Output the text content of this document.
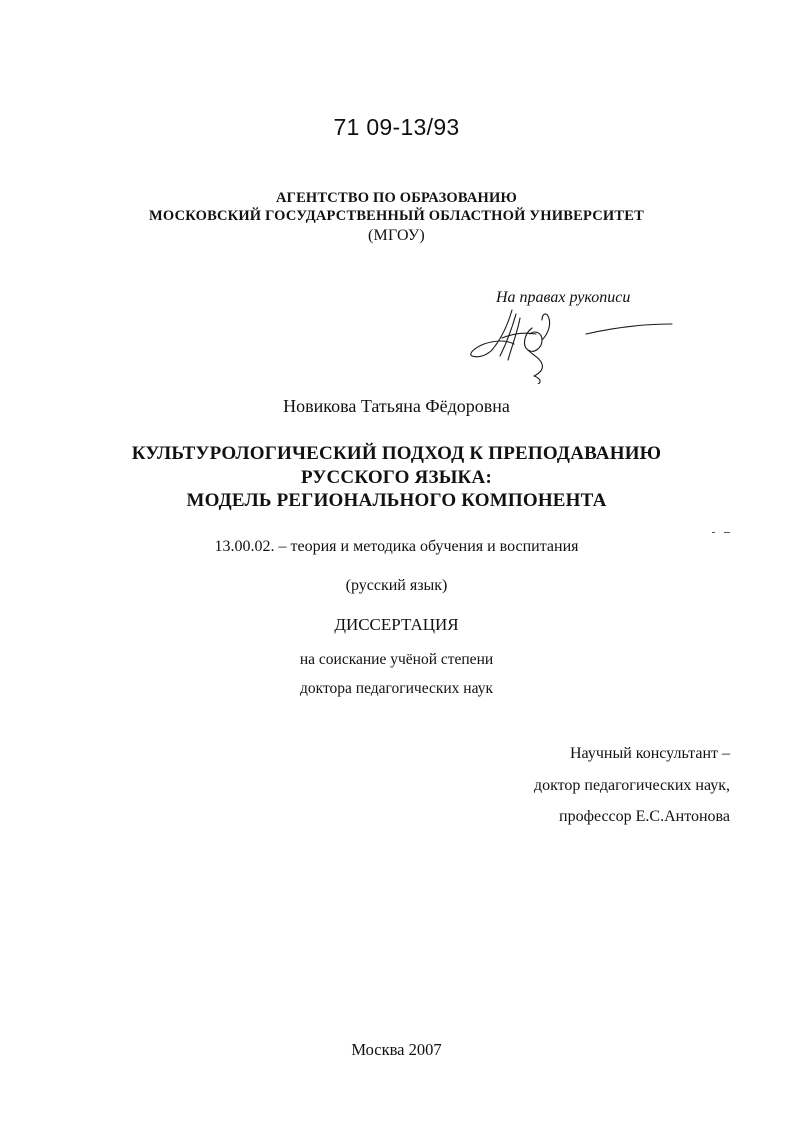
71 09-13/93
АГЕНТСТВО ПО ОБРАЗОВАНИЮ
МОСКОВСКИЙ ГОСУДАРСТВЕННЫЙ ОБЛАСТНОЙ УНИВЕРСИТЕТ
(МГОУ)
На правах рукописи
Новикова Татьяна Фёдоровна
КУЛЬТУРОЛОГИЧЕСКИЙ ПОДХОД К ПРЕПОДАВАНИЮ
РУССКОГО ЯЗЫКА:
МОДЕЛЬ РЕГИОНАЛЬНОГО КОМПОНЕНТА
13.00.02. – теория и методика обучения и воспитания
(русский язык)
ДИССЕРТАЦИЯ
на соискание учёной степени
доктора педагогических наук
Научный консультант –
доктор педагогических наук,
профессор Е.С.Антонова
Москва 2007
